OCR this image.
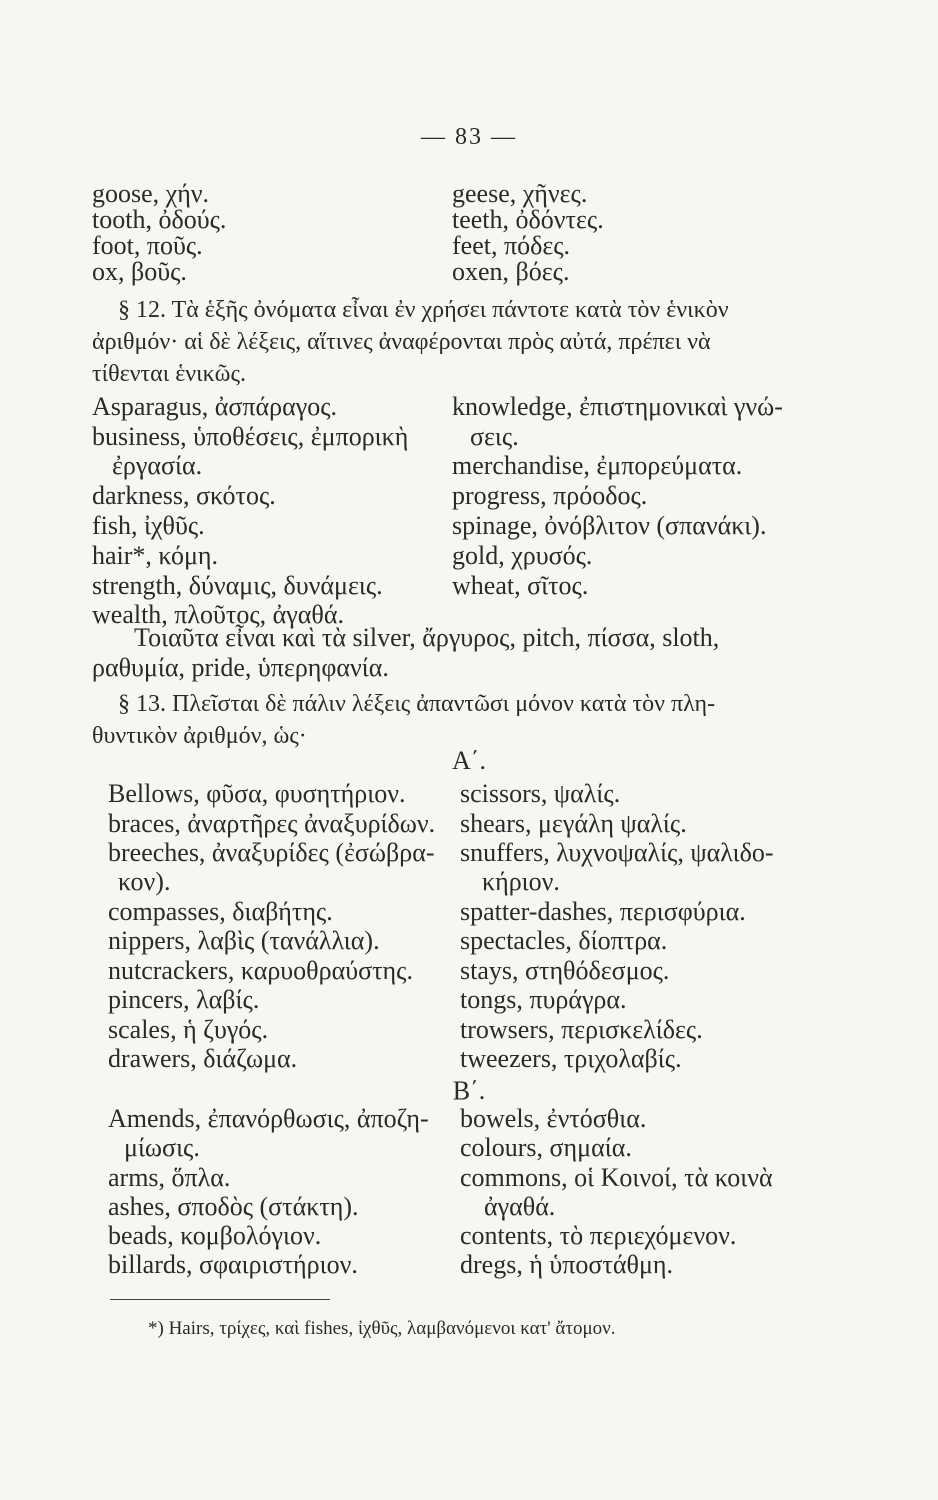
— 83 —
goose, χήν.
tooth, ὀδούς.
foot, ποῦς.
ox, βοῦς.
geese, χῆνες.
teeth, ὀδόντες.
feet, πόδες.
oxen, βόες.
§ 12. Τὰ ἑξῆς ὀνόματα εἶναι ἐν χρήσει πάντοτε κατὰ τὸν ἑνικὸν
ἀριθμόν· αἱ δὲ λέξεις, αἵτινες ἀναφέρονται πρὸς αὐτά, πρέπει νὰ
τίθενται ἑνικῶς.
Asparagus, ἀσπάραγος.
business, ὑποθέσεις, ἐμπορικὴ
ἐργασία.
darkness, σκότος.
fish, ἰχθῦς.
hair*, κόμη.
strength, δύναμις, δυνάμεις.
wealth, πλοῦτος, ἀγαθά.
knowledge, ἐπιστημονικαὶ γνώ-
σεις.
merchandise, ἐμπορεύματα.
progress, πρόοδος.
spinage, ὀνόβλιτον (σπανάκι).
gold, χρυσός.
wheat, σῖτος.
Τοιαῦτα εἶναι καὶ τὰ silver, ἄργυρος, pitch, πίσσα, sloth,
ραθυμία, pride, ὑπερηφανία.
§ 13. Πλεῖσται δὲ πάλιν λέξεις ἀπαντῶσι μόνον κατὰ τὸν πλη-
θυντικὸν ἀριθμόν, ὡς·
Α΄.
Bellows, φῦσα, φυσητήριον.
braces, ἀναρτῆρες ἀναξυρίδων.
breeches, ἀναξυρίδες (ἐσώβρα-
κον).
compasses, διαβήτης.
nippers, λαβὶς (τανάλλια).
nutcrackers, καρυοθραύστης.
pincers, λαβίς.
scales, ἡ ζυγός.
drawers, διάζωμα.
scissors, ψαλίς.
shears, μεγάλη ψαλίς.
snuffers, λυχνοψαλίς, ψαλιδο-
κήριον.
spatter-dashes, περισφύρια.
spectacles, δίοπτρα.
stays, στηθόδεσμος.
tongs, πυράγρα.
trowsers, περισκελίδες.
tweezers, τριχολαβίς.
Β΄.
Amends, ἐπανόρθωσις, ἀποζη-
μίωσις.
arms, ὅπλα.
ashes, σποδὸς (στάκτη).
beads, κομβολόγιον.
billards, σφαιριστήριον.
bowels, ἐντόσθια.
colours, σημαία.
commons, οἱ Κοινοί, τὰ κοινὰ
ἀγαθά.
contents, τὸ περιεχόμενον.
dregs, ἡ ὑποστάθμη.
*) Hairs, τρίχες, καὶ fishes, ἰχθῦς, λαμβανόμενοι κατ' ἄτομον.
